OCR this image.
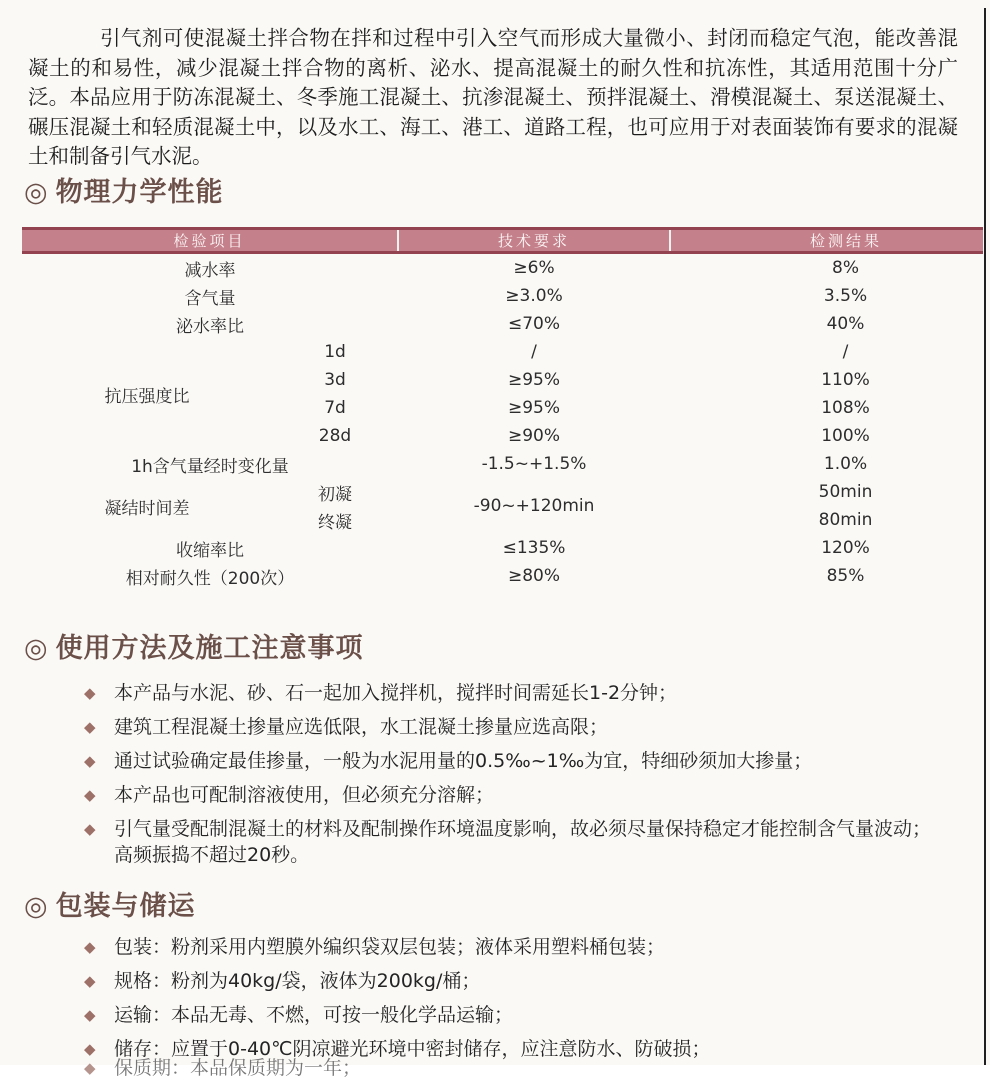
引气剂可使混凝土拌合物在拌和过程中引入空气而形成大量微小、封闭而稳定气泡，能改善混凝土的和易性，减少混凝土拌合物的离析、泌水、提高混凝土的耐久性和抗冻性，其适用范围十分广泛。本品应用于防冻混凝土、冬季施工混凝土、抗渗混凝土、预拌混凝土、滑模混凝土、泵送混凝土、碾压混凝土和轻质混凝土中，以及水工、海工、港工、道路工程，也可应用于对表面装饰有要求的混凝土和制备引气水泥。

◎ 物理力学性能
检验项目		技术要求	检测结果
减水率		≥6%	8%
含气量		≥3.0%	3.5%
泌水率比		≤70%	40%
抗压强度比	1d	/	/
	3d	≥95%	110%
	7d	≥95%	108%
	28d	≥90%	100%
1h含气量经时变化量		-1.5~+1.5%	1.0%
凝结时间差	初凝	-90~+120min	50min
	终凝		80min
收缩率比		≤135%	120%
相对耐久性（200次）		≥80%	85%
◎ 使用方法及施工注意事项
◆ 本产品与水泥、砂、石一起加入搅拌机，搅拌时间需延长1-2分钟；
◆ 建筑工程混凝土掺量应选低限，水工混凝土掺量应选高限；
◆ 通过试验确定最佳掺量，一般为水泥用量的0.5‰~1‰为宜，特细砂须加大掺量；
◆ 本产品也可配制溶液使用，但必须充分溶解；
◆ 引气量受配制混凝土的材料及配制操作环境温度影响，故必须尽量保持稳定才能控制含气量波动；
高频振捣不超过20秒。
◎ 包装与储运
◆ 包装：粉剂采用内塑膜外编织袋双层包装；液体采用塑料桶包装；
◆ 规格：粉剂为40kg/袋，液体为200kg/桶；
◆ 运输：本品无毒、不燃，可按一般化学品运输；
◆ 储存：应置于0-40℃阴凉避光环境中密封储存，应注意防水、防破损；
◆ 保质期：本品保质期为一年；
